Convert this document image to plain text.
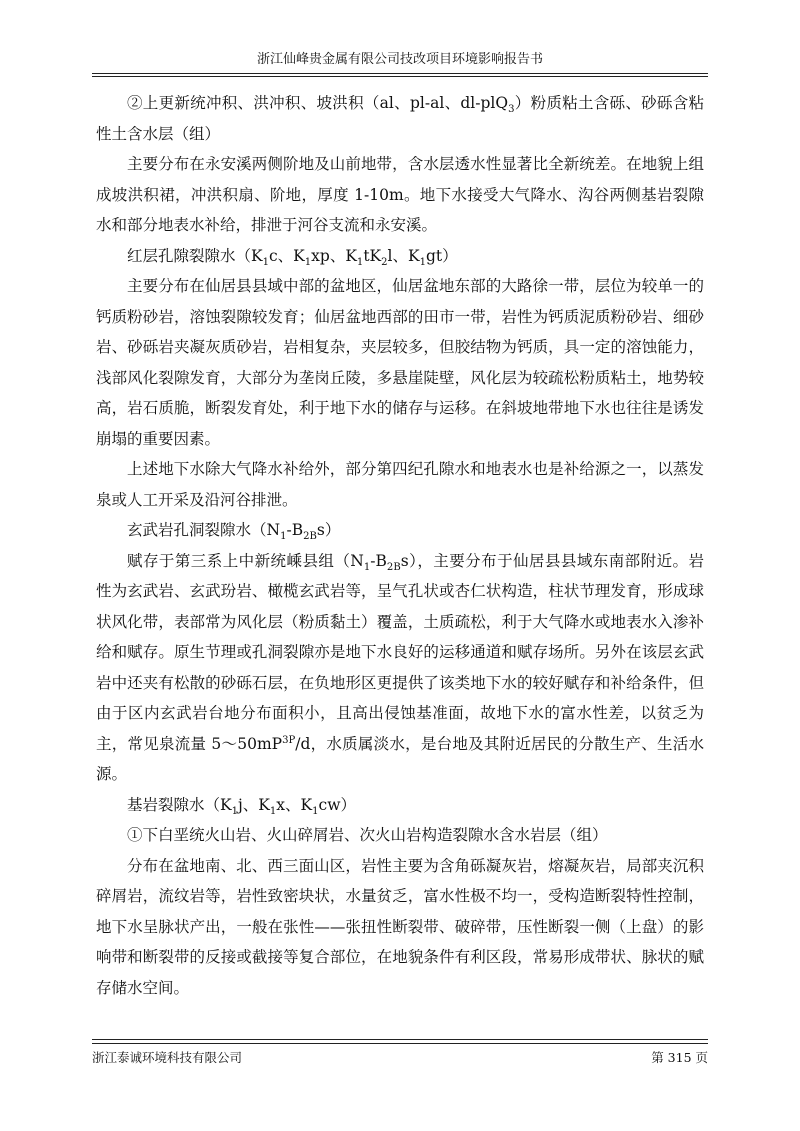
浙江仙峰贵金属有限公司技改项目环境影响报告书

②上更新统冲积、洪冲积、坡洪积（al、pl-al、dl-plQ$_3$）粉质粘土含砾、砂砾含粘性土含水层（组）

主要分布在永安溪两侧阶地及山前地带，含水层透水性显著比全新统差。在地貌上组成坡洪积裙，冲洪积扇、阶地，厚度 1-10m。地下水接受大气降水、沟谷两侧基岩裂隙水和部分地表水补给，排泄于河谷支流和永安溪。

红层孔隙裂隙水（$K_1c$、$K_1xp$、$K_1tK_2l$、$K_1gt$）

主要分布在仙居县县域中部的盆地区，仙居盆地东部的大路徐一带，层位为较单一的钙质粉砂岩，溶蚀裂隙较发育；仙居盆地西部的田市一带，岩性为钙质泥质粉砂岩、细砂岩、砂砾岩夹凝灰质砂岩，岩相复杂，夹层较多，但胶结物为钙质，具一定的溶蚀能力，浅部风化裂隙发育，大部分为垄岗丘陵，多悬崖陡壁，风化层为较疏松粉质粘土，地势较高，岩石质脆，断裂发育处，利于地下水的储存与运移。在斜坡地带地下水也往往是诱发崩塌的重要因素。

上述地下水除大气降水补给外，部分第四纪孔隙水和地表水也是补给源之一，以蒸发泉或人工开采及沿河谷排泄。

玄武岩孔洞裂隙水$(N_1-B_{2B}s)$

赋存于第三系上中新统嵊县组$(N_1-B_{2B}s)$，主要分布于仙居县县域东南部附近。岩性为玄武岩、玄武玢岩、橄榄玄武岩等，呈气孔状或杏仁状构造，柱状节理发育，形成球状风化带，表部常为风化层（粉质黏土）覆盖，土质疏松，利于大气降水或地表水入渗补给和赋存。原生节理或孔洞裂隙亦是地下水良好的运移通道和赋存场所。另外在该层玄武岩中还夹有松散的砂砾石层，在负地形区更提供了该类地下水的较好赋存和补给条件，但由于区内玄武岩台地分布面积小，且高出侵蚀基准面，故地下水的富水性差，以贫乏为主，常见泉流量 $5\sim 50mP^{3P}/d$，水质属淡水，是台地及其附近居民的分散生产、生活水源。

基岩裂隙水（$K_1j$、$K_1x$、$K_1cw$）

①下白垩统火山岩、火山碎屑岩、次火山岩构造裂隙水含水岩层（组）

分布在盆地南、北、西三面山区，岩性主要为含角砾凝灰岩，熔凝灰岩，局部夹沉积碎屑岩，流纹岩等，岩性致密块状，水量贫乏，富水性极不均一，受构造断裂特性控制，地下水呈脉状产出，一般在张性——张扭性断裂带、破碎带，压性断裂一侧（上盘）的影响带和断裂带的反接或截接等复合部位，在地貌条件有利区段，常易形成带状、脉状的赋存储水空间。

浙江泰诚环境科技有限公司	第 315 页
